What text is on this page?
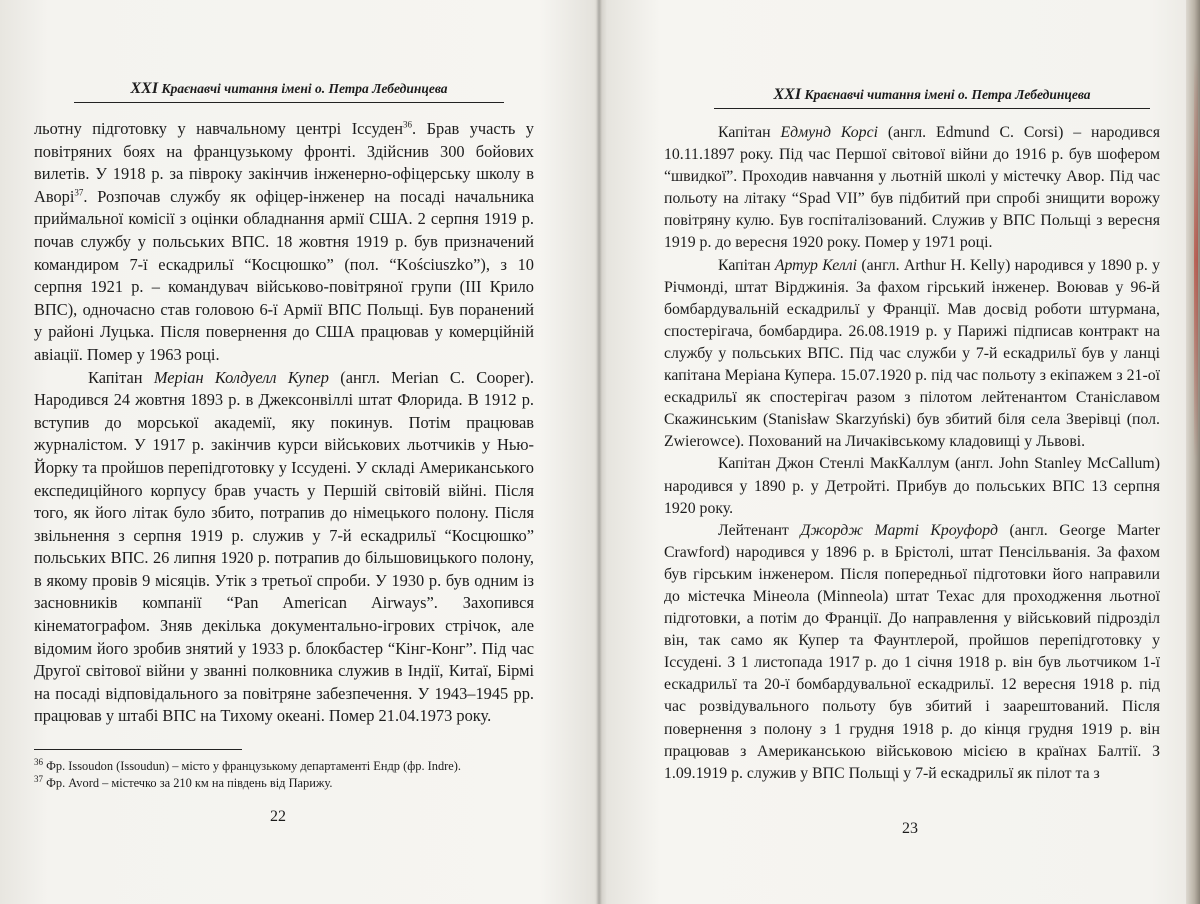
XXI Краєнавчі читання імені о. Петра Лебединцева

льотну підготовку у навчальному центрі Іссуден$^{36}$. Брав участь у повітряних боях на французькому фронті. Здійснив 300 бойових вилетів. У 1918 р. за півроку закінчив інженерно-офіцерську школу в Аворі$^{37}$. Розпочав службу як офіцер-інженер на посаді начальника приймальної комісії з оцінки обладнання армії США. 2 серпня 1919 р. почав службу у польських ВПС. 18 жовтня 1919 р. був призначений командиром 7-ї ескадрильї “Косцюшко” (пол. “Kościuszko”), з 10 серпня 1921 р. – командувач військово-повітряної групи (ІІІ Крило ВПС), одночасно став головою 6-ї Армії ВПС Польщі. Був поранений у районі Луцька. Після повернення до США працював у комерційній авіації. Помер у 1963 році.

Капітан Меріан Колдуелл Купер (англ. Merian C. Cooper). Народився 24 жовтня 1893 р. в Джексонвіллі штат Флорида. В 1912 р. вступив до морської академії, яку покинув. Потім працював журналістом. У 1917 р. закінчив курси військових льотчиків у Нью-Йорку та пройшов перепідготовку у Іссудені. У складі Американського експедиційного корпусу брав участь у Першій світовій війні. Після того, як його літак було збито, потрапив до німецького полону. Після звільнення з серпня 1919 р. служив у 7-й ескадрильї “Косцюшко” польських ВПС. 26 липня 1920 р. потрапив до більшовицького полону, в якому провів 9 місяців. Утік з третьої спроби. У 1930 р. був одним із засновників компанії “Pan American Airways”. Захопився кінематографом. Зняв декілька документально-ігрових стрічок, але відомим його зробив знятий у 1933 р. блокбастер “Кінг-Конг”. Під час Другої світової війни у званні полковника служив в Індії, Китаї, Бірмі на посаді відповідального за повітряне забезпечення. У 1943–1945 рр. працював у штабі ВПС на Тихому океані. Помер 21.04.1973 року.

$^{36}$ Фр. Issoudon (Issoudun) – місто у французькому департаменті Ендр (фр. Indre).

$^{37}$ Фр. Avord – містечко за 210 км на південь від Парижу.

22
XXI Краєнавчі читання імені о. Петра Лебединцева

Капітан Едмунд Корсі (англ. Edmund C. Corsi) – народився 10.11.1897 року. Під час Першої світової війни до 1916 р. був шофером “швидкої”. Проходив навчання у льотній школі у містечку Авор. Під час польоту на літаку “Spad VII” був підбитий при спробі знищити ворожу повітряну кулю. Був госпіталізований. Служив у ВПС Польщі з вересня 1919 р. до вересня 1920 року. Помер у 1971 році.

Капітан Артур Келлі (англ. Arthur H. Kelly) народився у 1890 р. у Річмонді, штат Вірджинія. За фахом гірський інженер. Воював у 96-й бомбардувальній ескадрильї у Франції. Мав досвід роботи штурмана, спостерігача, бомбардира. 26.08.1919 р. у Парижі підписав контракт на службу у польських ВПС. Під час служби у 7-й ескадрильї був у ланці капітана Меріана Купера. 15.07.1920 р. під час польоту з екіпажем з 21-ої ескадрильї як спостерігач разом з пілотом лейтенантом Станіславом Скажинським (Stanisław Skarzyński) був збитий біля села Зверівці (пол. Zwierowce). Похований на Личаківському кладовищі у Львові.

Капітан Джон Стенлі МакКаллум (англ. John Stanley McCallum) народився у 1890 р. у Детройті. Прибув до польських ВПС 13 серпня 1920 року.

Лейтенант Джордж Марті Кроуфорд (англ. George Marter Crawford) народився у 1896 р. в Брістолі, штат Пенсільванія. За фахом був гірським інженером. Після попередньої підготовки його направили до містечка Мінеола (Minneola) штат Техас для проходження льотної підготовки, а потім до Франції. До направлення у військовий підрозділ він, так само як Купер та Фаунтлерой, пройшов перепідготовку у Іссудені. З 1 листопада 1917 р. до 1 січня 1918 р. він був льотчиком 1-ї ескадрильї та 20-ї бомбардувальної ескадрильї. 12 вересня 1918 р. під час розвідувального польоту був збитий і заарештований. Після повернення з полону з 1 грудня 1918 р. до кінця грудня 1919 р. він працював з Американською військовою місією в країнах Балтії. З 1.09.1919 р. служив у ВПС Польщі у 7-й ескадрильї як пілот та з

23
